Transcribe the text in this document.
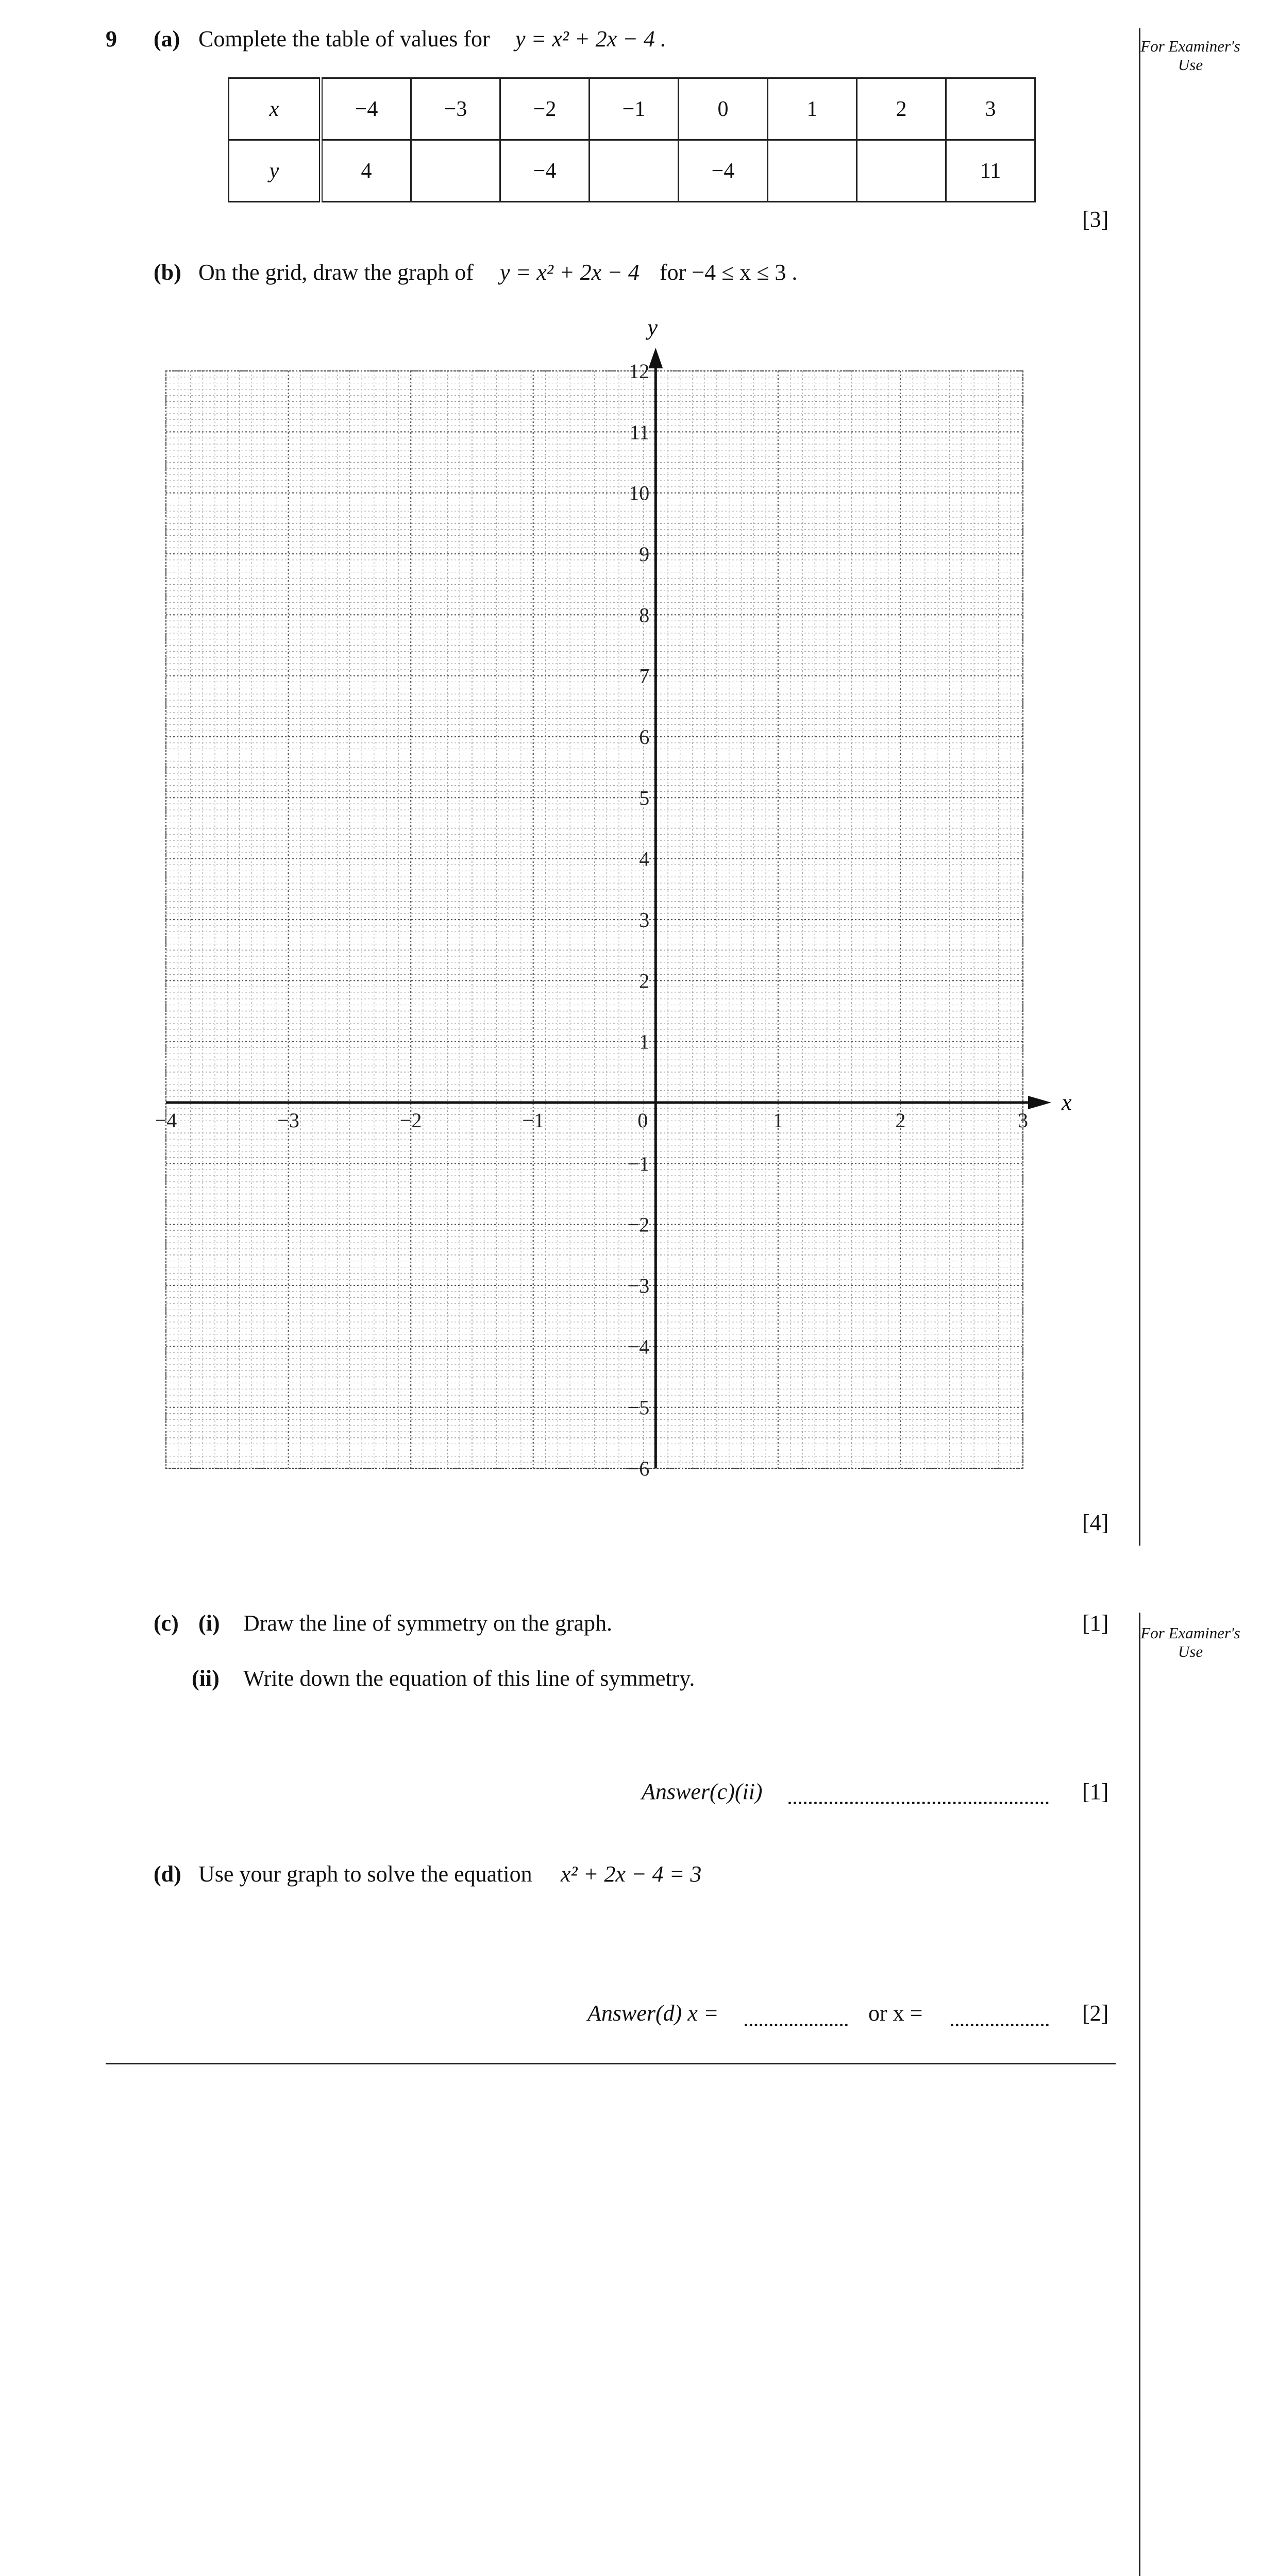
9 (a) Complete the table of values for y = x² + 2x − 4 .	For Examiner's Use
x	−4	−3	−2	−1	0	1	2	3
y	4		−4		−4			11
[3]
(b) On the grid, draw the graph of y = x² + 2x − 4 for −4 ≤ x ≤ 3 .
y
x
−4	−3	−2	−1	0	1	2	3
12
11
10
9
8
7
6
5
4
3
2
1
−1
−2
−3
−4
−5
−6
[4]
For Examiner's Use
(c) (i) Draw the line of symmetry on the graph.	[1]
(ii) Write down the equation of this line of symmetry.
Answer(c)(ii)	[1]
(d) Use your graph to solve the equation x² + 2x − 4 = 3
Answer(d) x =	or x =	[2]
